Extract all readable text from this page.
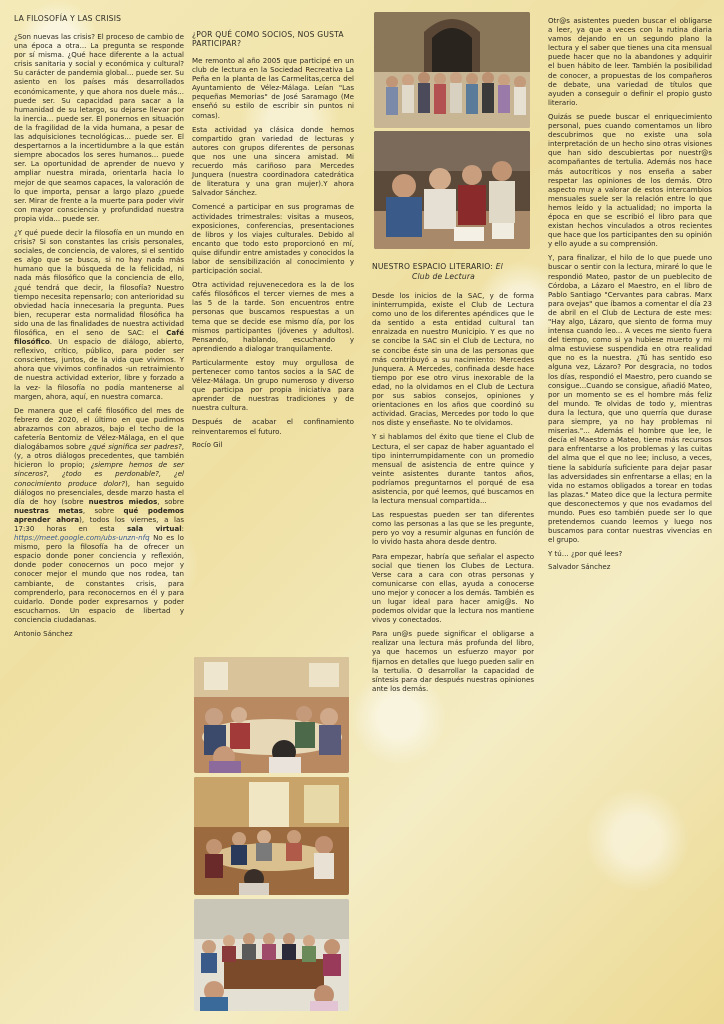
LA FILOSOFÍA Y LAS CRISIS

¿Son nuevas las crisis? El proceso de cambio de una época a otra... La pregunta se responde por sí misma. ¿Qué hace diferente a la actual crisis sanitaria y social y económica y cultural? Su carácter de pandemia global... puede ser. Su asiento en los países más desarrollados económicamente, y que ahora nos duele más... puede ser. Su capacidad para sacar a la humanidad de su letargo, su dejarse llevar por la inercia... puede ser. El ponernos en situación de la fragilidad de la vida humana, a pesar de las adquisiciones tecnológicas... puede ser. El despertarnos a la incertidumbre a la que están siempre abocados los seres humanos... puede ser. La oportunidad de aprender de nuevo y ampliar nuestra mirada, orientarla hacia lo mejor de que seamos capaces, la valoración de lo que importa, pensar a largo plazo ¿puede ser. Mirar de frente a la muerte para poder vivir con mayor consciencia y profundidad nuestra propia vida... puede ser.

¿Y qué puede decir la filosofía en un mundo en crisis? Si son constantes las crisis personales, sociales, de conciencia, de valores, si el sentido es algo que se busca, si no hay nada más humano que la búsqueda de la felicidad, ni nada más filosófico que la conciencia de ello, ¿qué tendrá que decir, la filosofía? Nuestro tiempo necesita repensarlo; con anterioridad su obviedad hacía innecesaria la pregunta. Pues bien, recuperar esta normalidad filosófica ha sido una de las finalidades de nuestra actividad filosófica, en el seno de SAC: el Café filosófico. Un espacio de diálogo, abierto, reflexivo, crítico, público, para poder ser conscientes, juntos, de la vida que vivimos. Y ahora que vivimos confinados -un retraimiento de nuestra actividad exterior, libre y forzado a la vez- la filosofía no podía mantenerse al margen, ahora, aquí, en nuestra comarca.

De manera que el café filosófico del mes de febrero de 2020, el último en que pudimos abrazarnos con abrazos, bajo el techo de la cafetería Bentomiz de Vélez-Málaga, en el que dialogábamos sobre ¿qué significa ser padres?, (y, a otros diálogos precedentes, que también hicieron lo propio; ¿siempre hemos de ser sinceros?, ¿todo es perdonable?, ¿el conocimiento produce dolor?), han seguido diálogos no presenciales, desde marzo hasta el día de hoy (sobre nuestros miedos, sobre nuestras metas, sobre qué podemos aprender ahora), todos los viernes, a las 17:30 horas en esta sala virtual: https://meet.google.com/ubs-unzn-nfq No es lo mismo, pero la filosofía ha de ofrecer un espacio donde poner conciencia y reflexión, donde poder conocernos un poco mejor y conocer mejor el mundo que nos rodea, tan cambiante, de constantes crisis, para comprenderlo, para reconocernos en él y para cuidarlo. Donde poder expresarnos y poder escucharnos. Un espacio de libertad y conciencia ciudadanas.

Antonio Sánchez

¿POR QUÉ COMO SOCIOS, NOS GUSTA PARTICIPAR?

Me remonto al año 2005 que participé en un club de lectura en la Sociedad Recreativa La Peña en la planta de las Carmelitas,cerca del Ayuntamiento de Vélez-Málaga. Leían "Las pequeñas Memorias" de José Saramago (Me enseñó su estilo de escribir sin puntos ni comas).

Esta actividad ya clásica donde hemos compartido gran variedad de lecturas y autores con grupos diferentes de personas que nos une una sincera amistad. Mi recuerdo más cariñoso para Mercedes Junquera (nuestra coordinadora catedrática de literatura y una gran mujer).Y ahora Salvador Sánchez.

Comencé a participar en sus programas de actividades trimestrales: visitas a museos, exposiciones, conferencias, presentaciones de libros y los viajes culturales. Debido al encanto que todo esto proporcionó en mí, quise difundir entre amistades y conocidos la labor de sensibilización al conocimiento y participación social.

Otra actividad rejuvenecedora es la de los cafés filosóficos el tercer viernes de mes a las 5 de la tarde. Son encuentros entre personas que buscamos respuestas a un tema que se decide ese mismo día, por los mismos participantes (jóvenes y adultos). Pensando, hablando, escuchando y aprendiendo a dialogar tranquilamente.

Particularmente estoy muy orgullosa de pertenecer como tantos socios a la SAC de Vélez-Málaga. Un grupo numeroso y diverso que participa por propia iniciativa para aprender de nuestras tradiciones y de nuestra cultura.

Después de acabar el confinamiento reinventaremos el futuro.

Rocío Gil

NUESTRO ESPACIO LITERARIO: El
Club de Lectura

Desde los inicios de la SAC, y de forma ininterrumpida, existe el Club de Lectura como uno de los diferentes apéndices que le da sentido a esta entidad cultural tan enraizada en nuestro Municipio. Y es que no se concibe la SAC sin el Club de Lectura, no se concibe éste sin una de las personas que más contribuyó a su nacimiento: Mercedes Junquera. A Mercedes, confinada desde hace tiempo por ese otro virus inexorable de la edad, no la olvidamos en el Club de Lectura por sus sabios consejos, opiniones y orientaciones en los años que coordinó su actividad. Gracias, Mercedes por todo lo que nos diste y enseñaste. No te olvidamos.

Y si hablamos del éxito que tiene el Club de Lectura, el ser capaz de haber aguantado el tipo ininterrumpidamente con un promedio mensual de asistencia de entre quince y veinte asistentes durante tantos años, podríamos preguntarnos el porqué de esa asistencia, por qué leemos, qué buscamos en la lectura mensual compartida...

Las respuestas pueden ser tan diferentes como las personas a las que se les pregunte, pero yo voy a resumir algunas en función de lo vivido hasta ahora desde dentro.

Para empezar, habría que señalar el aspecto social que tienen los Clubes de Lectura. Verse cara a cara con otras personas y comunicarse con ellas, ayuda a conocerse uno mejor y conocer a los demás. También es un lugar ideal para hacer amig@s. No podemos olvidar que la lectura nos mantiene vivos y conectados.

Para un@s puede significar el obligarse a realizar una lectura más profunda del libro, ya que hacemos un esfuerzo mayor por fijarnos en detalles que luego pueden salir en la tertulia. O desarrollar la capacidad de síntesis para dar después nuestras opiniones ante los demás.

Otr@s asistentes pueden buscar el obligarse a leer, ya que a veces con la rutina diaria vamos dejando en un segundo plano la lectura y el saber que tienes una cita mensual puede hacer que no la abandones y adquirir el buen hábito de leer. También la posibilidad de conocer, a propuestas de los compañeros de debate, una variedad de títulos que ayuden a conseguir o definir el propio gusto literario.

Quizás se puede buscar el enriquecimiento personal, pues cuando comentamos un libro descubrimos que no existe una sola interpretación de un hecho sino otras visiones que han sido descubiertas por nuestr@s acompañantes de tertulia. Además nos hace más autocríticos y nos enseña a saber respetar las opiniones de los demás. Otro aspecto muy a valorar de estos intercambios mensuales suele ser la relación entre lo que hemos leído y la actualidad; no importa la época en que se escribió el libro para que existan hechos vinculados a otros recientes que hace que los participantes den su opinión y ello ayude a su comprensión.

Y, para finalizar, el hilo de lo que puede uno buscar o sentir con la lectura, miraré lo que le respondió Mateo, pastor de un pueblecito de Córdoba, a Lázaro el Maestro, en el libro de Pablo Santiago "Cervantes para cabras. Marx para ovejas" que íbamos a comentar el día 23 de abril en el Club de Lectura de este mes: "Hay algo, Lázaro, que siento de forma muy intensa cuando leo... A veces me siento fuera del tiempo, como si ya hubiese muerto y mi alma estuviese suspendida en otra realidad que no es la nuestra. ¿Tú has sentido eso alguna vez, Lázaro? Por desgracia, no todos los días, respondió el Maestro, pero cuando se consigue...Cuando se consigue, añadió Mateo, por un momento se es el hombre más feliz del mundo. Te olvidas de todo y, mientras dura la lectura, que uno querría que durase para siempre, ya no hay problemas ni miserias."... Además el hombre que lee, le decía el Maestro a Mateo, tiene más recursos para enfrentarse a los problemas y las cuitas del alma que el que no lee; incluso, a veces, tiene la sabiduría suficiente para dejar pasar las adversidades sin enfrentarse a ellas; en la vida no estamos obligados a torear en todas las plazas." Mateo dice que la lectura permite que desconectemos y que nos evadamos del mundo. Pues eso también puede ser lo que pretendemos cuando leemos y luego nos buscamos para contar nuestras vivencias en el grupo.

Y tú… ¿por qué lees?

Salvador Sánchez
